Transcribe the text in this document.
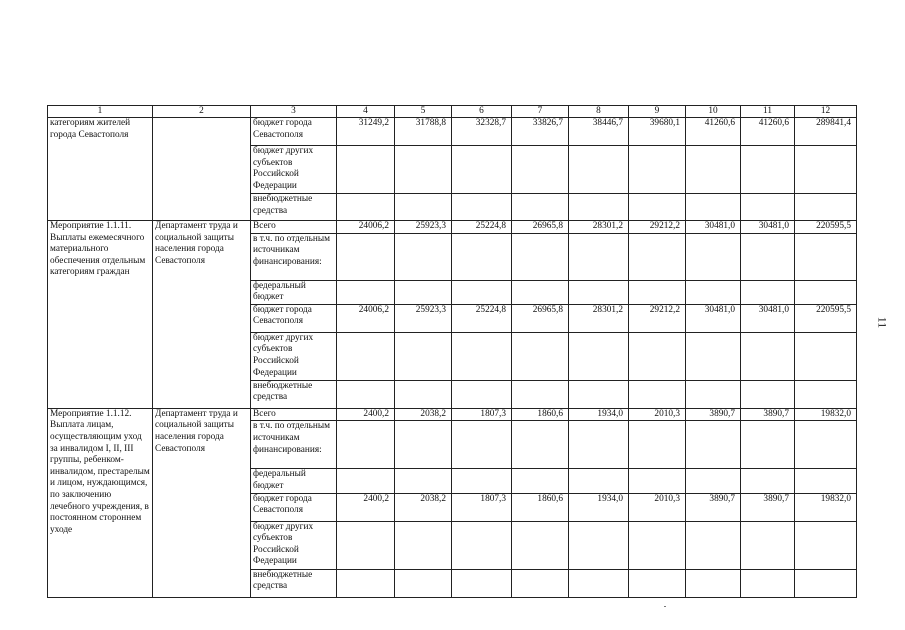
1	2	3	4	5	6	7	8	9	10	11	12
категориям жителей города Севастополя		бюджет города Севастополя	31249,2	31788,8	32328,7	33826,7	38446,7	39680,1	41260,6	41260,6	289841,4
		бюджет других субъектов Российской Федерации									
		внебюджетные средства									
Мероприятие 1.1.11. Выплаты ежемесячного материального обеспечения отдельным категориям граждан	Департамент труда и социальной защиты населения города Севастополя	Всего	24006,2	25923,3	25224,8	26965,8	28301,2	29212,2	30481,0	30481,0	220595,5
		в т.ч. по отдельным источникам финансирования:									
		федеральный бюджет									
		бюджет города Севастополя	24006,2	25923,3	25224,8	26965,8	28301,2	29212,2	30481,0	30481,0	220595,5
		бюджет других субъектов Российской Федерации									
		внебюджетные средства									
Мероприятие 1.1.12. Выплата лицам, осуществляющим уход за инвалидом I, II, III группы, ребенком-инвалидом, престарелым и лицом, нуждающимся, по заключению лечебного учреждения, в постоянном стороннем уходе	Департамент труда и социальной защиты населения города Севастополя	Всего	2400,2	2038,2	1807,3	1860,6	1934,0	2010,3	3890,7	3890,7	19832,0
		в т.ч. по отдельным источникам финансирования:									
		федеральный бюджет									
		бюджет города Севастополя	2400,2	2038,2	1807,3	1860,6	1934,0	2010,3	3890,7	3890,7	19832,0
		бюджет других субъектов Российской Федерации									
		внебюджетные средства									
11
